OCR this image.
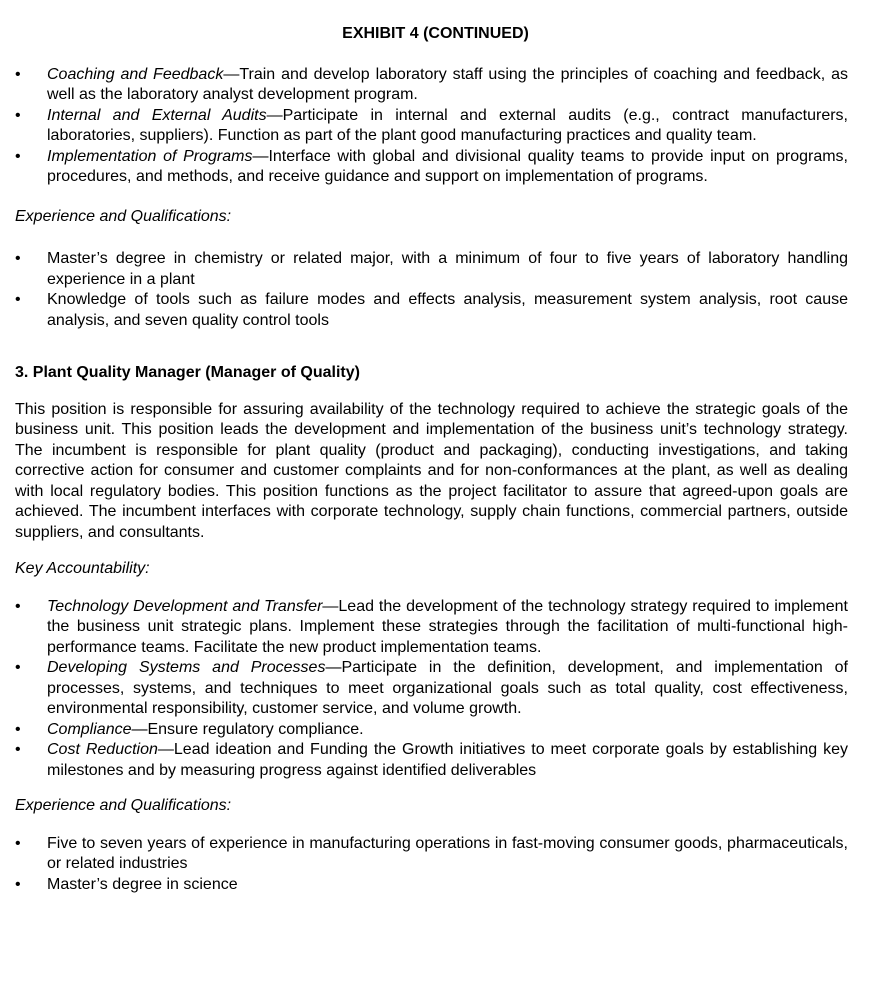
EXHIBIT 4 (CONTINUED)
•	Coaching and Feedback—Train and develop laboratory staff using the principles of coaching and feedback, as well as the laboratory analyst development program.
•	Internal and External Audits—Participate in internal and external audits (e.g., contract manufacturers, laboratories, suppliers). Function as part of the plant good manufacturing practices and quality team.
•	Implementation of Programs—Interface with global and divisional quality teams to provide input on programs, procedures, and methods, and receive guidance and support on implementation of programs.
Experience and Qualifications:
•	Master’s degree in chemistry or related major, with a minimum of four to five years of laboratory handling experience in a plant
•	Knowledge of tools such as failure modes and effects analysis, measurement system analysis, root cause analysis, and seven quality control tools
3. Plant Quality Manager (Manager of Quality)

This position is responsible for assuring availability of the technology required to achieve the strategic goals of the business unit. This position leads the development and implementation of the business unit’s technology strategy. The incumbent is responsible for plant quality (product and packaging), conducting investigations, and taking corrective action for consumer and customer complaints and for non-conformances at the plant, as well as dealing with local regulatory bodies. This position functions as the project facilitator to assure that agreed-upon goals are achieved. The incumbent interfaces with corporate technology, supply chain functions, commercial partners, outside suppliers, and consultants.

Key Accountability:
•	Technology Development and Transfer—Lead the development of the technology strategy required to implement the business unit strategic plans. Implement these strategies through the facilitation of multi-functional high-performance teams. Facilitate the new product implementation teams.
•	Developing Systems and Processes—Participate in the definition, development, and implementation of processes, systems, and techniques to meet organizational goals such as total quality, cost effectiveness, environmental responsibility, customer service, and volume growth.
•	Compliance—Ensure regulatory compliance.
•	Cost Reduction—Lead ideation and Funding the Growth initiatives to meet corporate goals by establishing key milestones and by measuring progress against identified deliverables
Experience and Qualifications:
•	Five to seven years of experience in manufacturing operations in fast-moving consumer goods, pharmaceuticals, or related industries
•	Master’s degree in science
